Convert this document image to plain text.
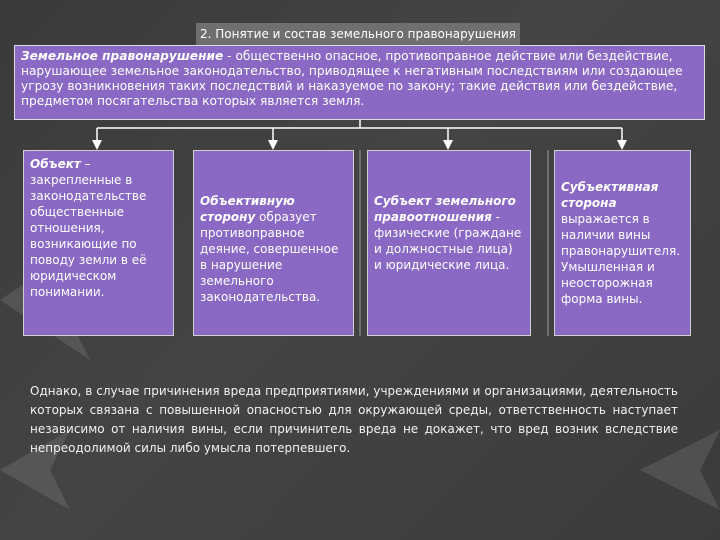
2. Понятие и состав земельного правонарушения
Земельное правонарушение - общественно опасное, противоправное действие или бездействие, нарушающее земельное законодательство, приводящее к негативным последствиям или создающее угрозу возникновения таких последствий и наказуемое по закону; такие действия или бездействие, предметом посягательства которых является земля.
Объект – закрепленные в законодательстве общественные отношения, возникающие по поводу земли в её юридическом понимании.
Объективную сторону образует противоправное деяние, совершенное в нарушение земельного законодательства.
Субъект земельного правоотношения - физические (граждане и должностные лица) и юридические лица.
Субъективная сторона выражается в наличии вины правонарушителя. Умышленная и неосторожная форма вины.
Однако, в случае причинения вреда предприятиями, учреждениями и организациями, деятельность которых связана с повышенной опасностью для окружающей среды, ответственность наступает независимо от наличия вины, если причинитель вреда не докажет, что вред возник вследствие непреодолимой силы либо умысла потерпевшего.
